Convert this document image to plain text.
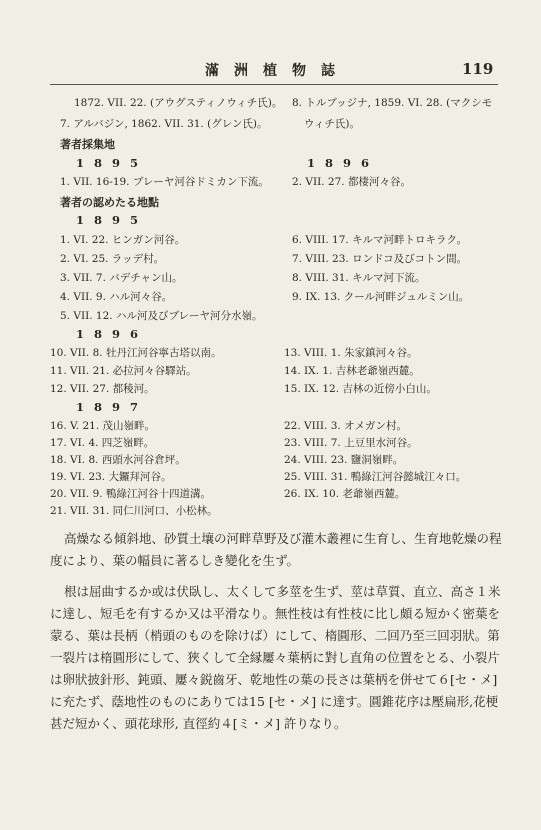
滿洲植物誌	119
1872. VII. 22. (アウグスティノウィチ氏)。
7. アルバジン, 1862. VII. 31. (グレン氏)。
8. トルブッジナ, 1859. VI. 28. (マクシモ
ウィチ氏)。
著者採集地
1895	1896
1. VII. 16-19. ブレーヤ河谷ドミカン下流。 2. VII. 27. 都棲河々谷。
著者の認めたる地點
1895
1. VI. 22. ヒンガン河谷。
2. VI. 25. ラッデ村。
3. VII. 7. バデチャン山。
4. VII. 9. ハル河々谷。
5. VII. 12. ハル河及びブレーヤ河分水嶺。
6. VIII. 17. キルマ河畔トロキラク。
7. VIII. 23. ロンドコ及びコトン間。
8. VIII. 31. キルマ河下流。
9. IX. 13. クール河畔ジュルミン山。
1896
10. VII. 8. 牡丹江河谷寧古塔以南。
11. VII. 21. 必拉河々谷驛站。
12. VII. 27. 都稜河。
13. VIII. 1. 朱家鎮河々谷。
14. IX. 1. 吉林老爺嶺西麓。
15. IX. 12. 吉林の近傍小白山。
1897
16. V. 21. 茂山嶺畔。
17. VI. 4. 四芝嶺畔。
18. VI. 8. 西頭水河谷倉坪。
19. VI. 23. 大鑼拜河谷。
20. VII. 9. 鴨綠江河谷十四道溝。
21. VII. 31. 同仁川河口、小松林。
22. VIII. 3. オメガン村。
23. VIII. 7. 上豆里水河谷。
24. VIII. 23. 鹽洞嶺畔。
25. VIII. 31. 鴨綠江河谷懿城江々口。
26. IX. 10. 老爺嶺西麓。
高燥なる傾斜地、砂質土壤の河畔草野及び灌木叢裡に生育し、生育地乾燥の程
度により、葉の幅員に著るしき變化を生ず。
根は屈曲するか或は伏臥し、太くして多莖を生ず、莖は草質、直立、高さ１米
に達し、短毛を有するか又は平滑なり。無性枝は有性枝に比し頗る短かく密葉を
蒙る、葉は長柄（梢頭のものを除けば）にして、楕圓形、二回乃至三回羽狀。第
一裂片は楕圓形にして、狹くして全縁屢々葉柄に對し直角の位置をとる、小裂片
は卵狀披針形、鈍頭、屢々鋭齒牙、乾地性の葉の長さは葉柄を併せて６[セ・メ]
に充たず、蔭地性のものにありては15 [セ・メ] に達す。圓錐花序は壓扁形,花梗
甚だ短かく、頭花球形, 直徑約４[ミ・メ] 許りなり。
